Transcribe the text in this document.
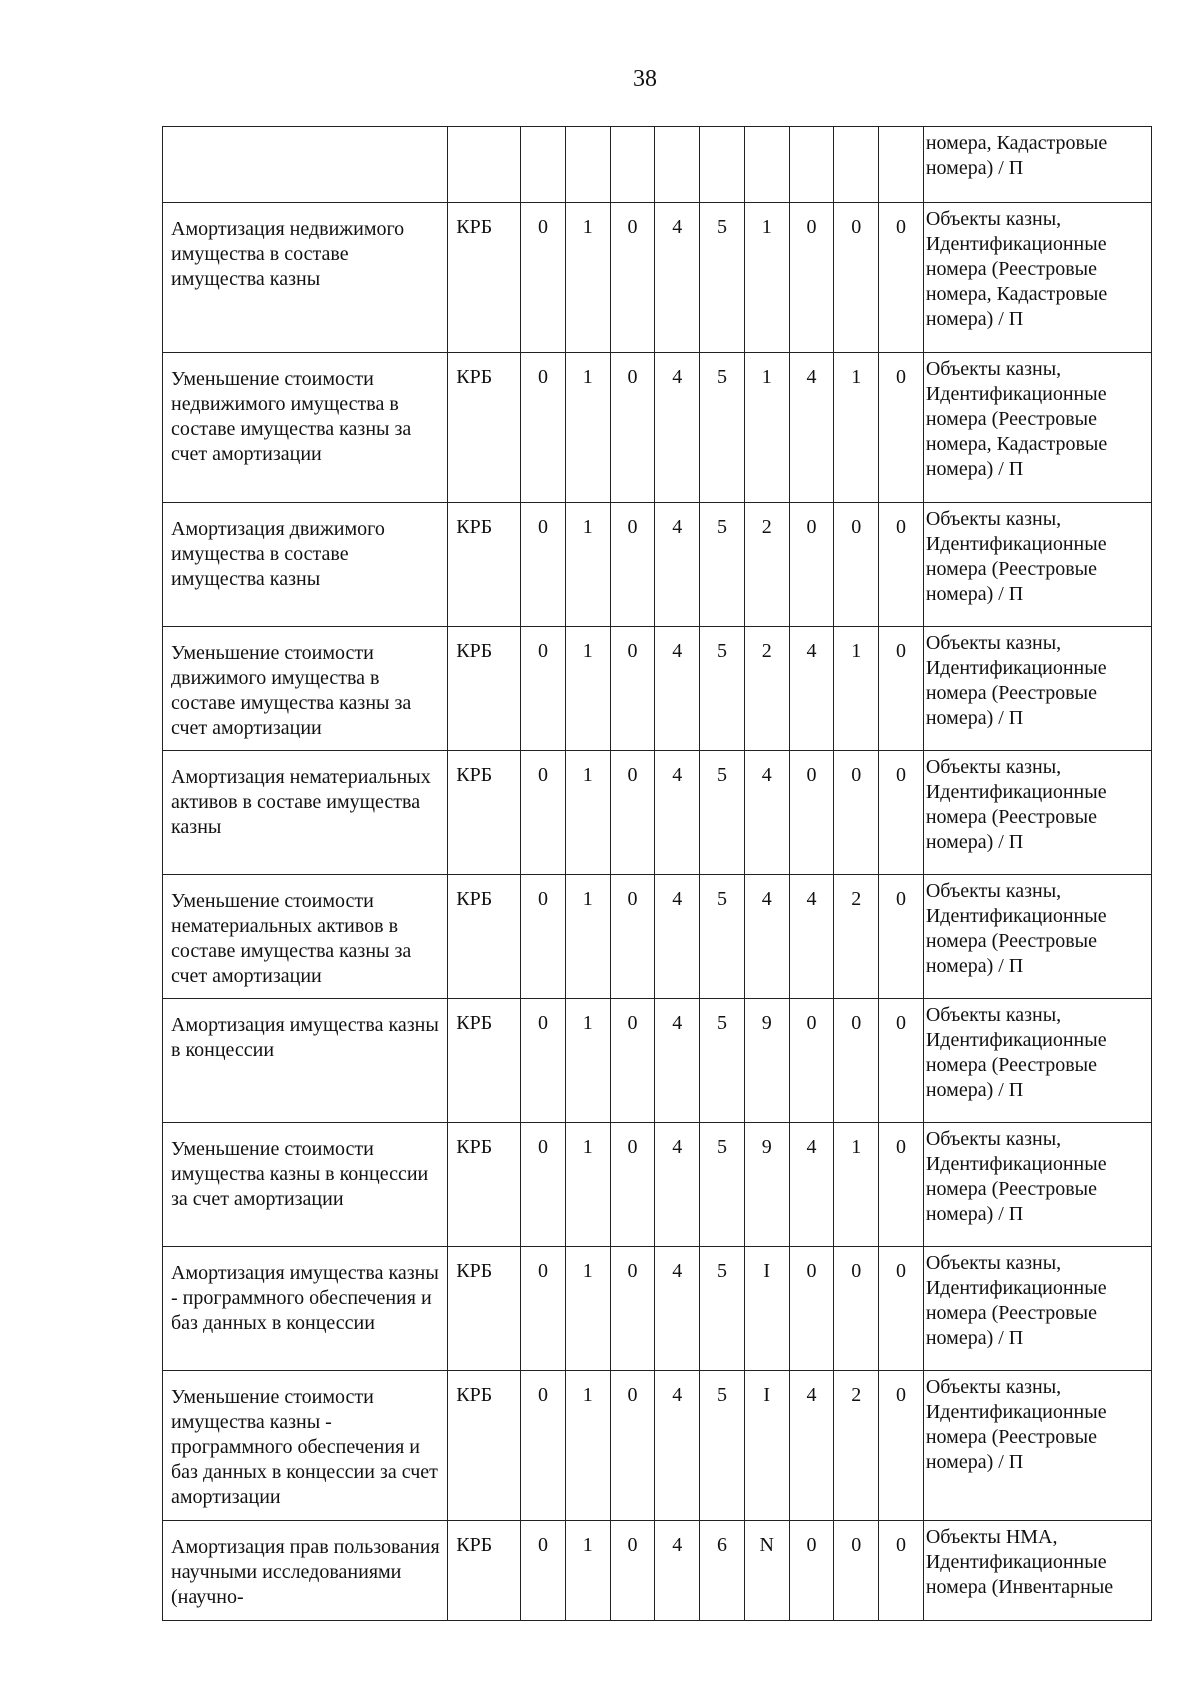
38
											номера, Кадастровые номера) / П
Амортизация недвижимого имущества в составе имущества казны	КРБ	0	1	0	4	5	1	0	0	0	Объекты казны, Идентификационные номера (Реестровые номера, Кадастровые номера) / П
Уменьшение стоимости недвижимого имущества в составе имущества казны за счет амортизации	КРБ	0	1	0	4	5	1	4	1	0	Объекты казны, Идентификационные номера (Реестровые номера, Кадастровые номера) / П
Амортизация движимого имущества в составе имущества казны	КРБ	0	1	0	4	5	2	0	0	0	Объекты казны, Идентификационные номера (Реестровые номера) / П
Уменьшение стоимости движимого имущества в составе имущества казны за счет амортизации	КРБ	0	1	0	4	5	2	4	1	0	Объекты казны, Идентификационные номера (Реестровые номера) / П
Амортизация нематериальных активов в составе имущества казны	КРБ	0	1	0	4	5	4	0	0	0	Объекты казны, Идентификационные номера (Реестровые номера) / П
Уменьшение стоимости нематериальных активов в составе имущества казны за счет амортизации	КРБ	0	1	0	4	5	4	4	2	0	Объекты казны, Идентификационные номера (Реестровые номера) / П
Амортизация имущества казны в концессии	КРБ	0	1	0	4	5	9	0	0	0	Объекты казны, Идентификационные номера (Реестровые номера) / П
Уменьшение стоимости имущества казны в концессии за счет амортизации	КРБ	0	1	0	4	5	9	4	1	0	Объекты казны, Идентификационные номера (Реестровые номера) / П
Амортизация имущества казны - программного обеспечения и баз данных в концессии	КРБ	0	1	0	4	5	I	0	0	0	Объекты казны, Идентификационные номера (Реестровые номера) / П
Уменьшение стоимости имущества казны - программного обеспечения и баз данных в концессии за счет амортизации	КРБ	0	1	0	4	5	I	4	2	0	Объекты казны, Идентификационные номера (Реестровые номера) / П
Амортизация прав пользования научными исследованиями (научно-	КРБ	0	1	0	4	6	N	0	0	0	Объекты НМА, Идентификационные номера (Инвентарные
